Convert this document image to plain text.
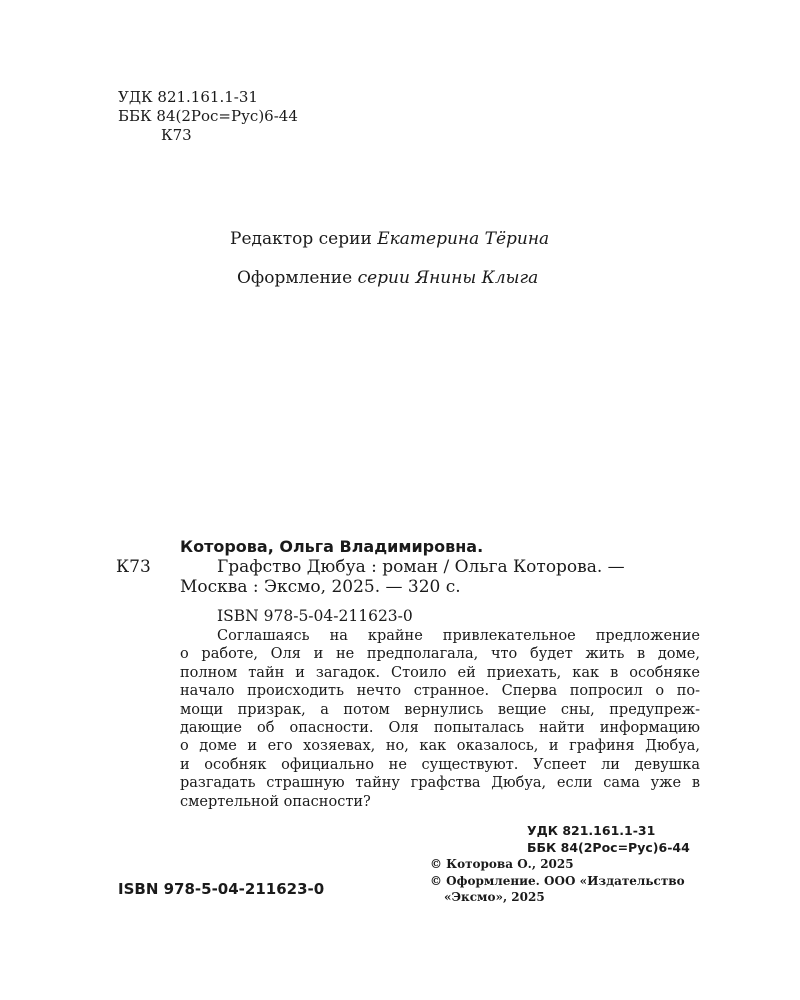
УДК 821.161.1-31
ББК 84(2Рос=Рус)6-44
К73
Редактор серии Екатерина Тёрина
Оформление серии Янины Клыга
К73
Которова, Ольга Владимировна.
Графство Дюбуа : роман / Ольга Которова. —
Москва : Эксмо, 2025. — 320 с.
ISBN 978-5-04-211623-0
Соглашаясь на крайне привлекательное предложение
о работе, Оля и не предполагала, что будет жить в доме,
полном тайн и загадок. Стоило ей приехать, как в особняке
начало происходить нечто странное. Сперва попросил о по-
мощи призрак, а потом вернулись вещие сны, предупреж-
дающие об опасности. Оля попыталась найти информацию
о доме и его хозяевах, но, как оказалось, и графиня Дюбуа,
и особняк официально не существуют. Успеет ли девушка
разгадать страшную тайну графства Дюбуа, если сама уже в
смертельной опасности?
УДК 821.161.1-31
ББК 84(2Рос=Рус)6-44
© Которова О., 2025
© Оформление. ООО «Издательство
«Эксмо», 2025
ISBN 978-5-04-211623-0
